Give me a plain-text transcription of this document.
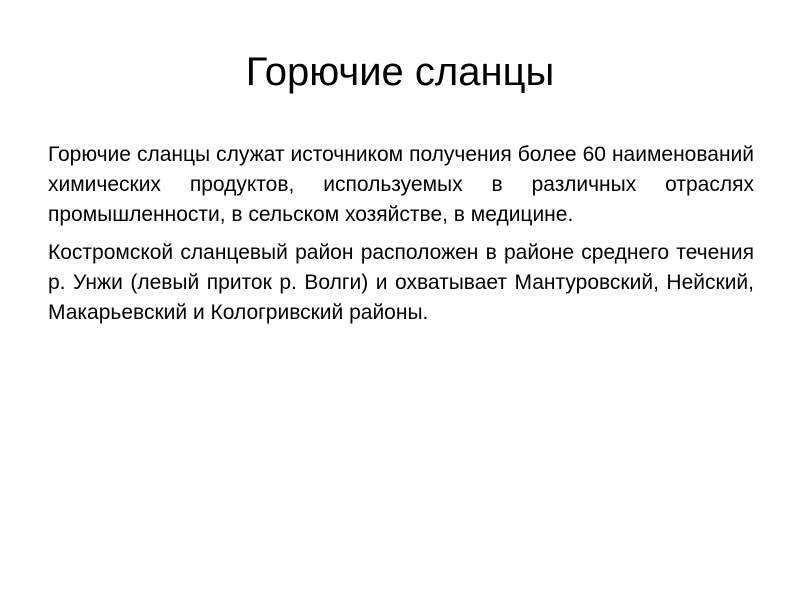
Горючие сланцы

Горючие сланцы служат источником получения более 60 наименований химических продуктов, используемых в различных отраслях промышленности, в сельском хозяйстве, в медицине.

Костромской сланцевый район расположен в районе среднего течения р. Унжи (левый приток р. Волги) и охватывает Мантуровский, Нейский, Макарьевский и Кологривский районы.
